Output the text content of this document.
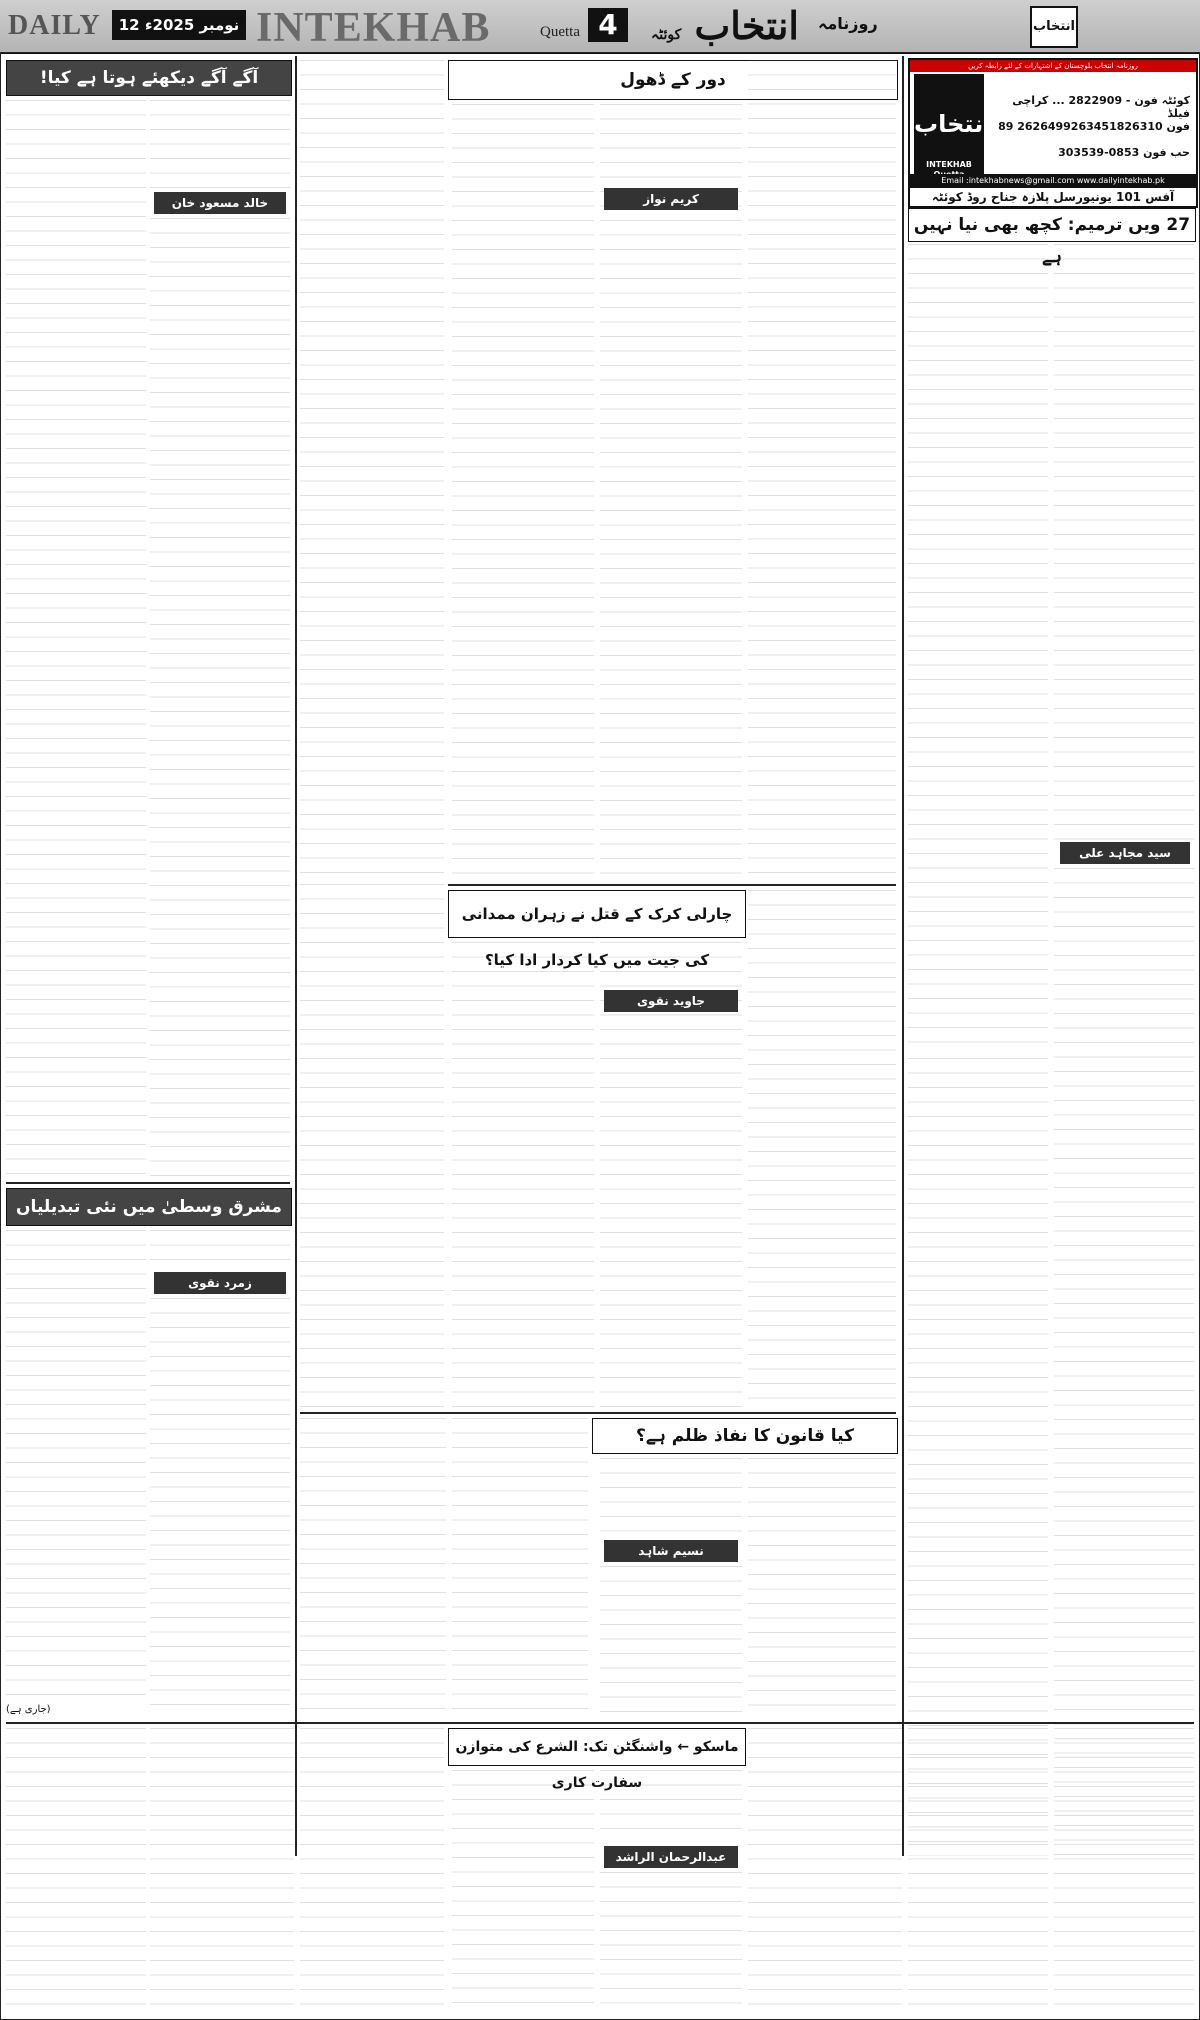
DAILY	12 نومبر 2025ء INTEKHAB	Quetta 4	انتخاب کوئٹہ
روزنامہ	انتخاب
روزنامہ انتخاب بلوچستان کے اشتہارات کے لئے رابطہ کریں
انتخاب
INTEKHAB
کوئٹہ فون - 2822909 ... کراچی فیلڈ
فون 2626499263451826310 89
حب فون 0853-303539
Email :intekhabnews@gmail.com www.dailyintekhab.pk
آفس 101 یونیورسل پلازہ جناح روڈ کوئٹہ
27 ویں ترمیم: کچھ بھی نیا نہیں ہے
سید مجاہد علی
دور کے ڈھول
کریم نواز
آگے آگے دیکھئے ہوتا ہے کیا!
خالد مسعود خان
چارلی کرک کے قتل نے زہران ممدانی کی جیت میں کیا کردار ادا کیا؟
جاوید نقوی
مشرق وسطیٰ میں نئی تبدیلیاں
زمرد نقوی
(جاری ہے)
کیا قانون کا نفاذ ظلم ہے؟
نسیم شاہد
ماسکو ← واشنگٹن تک: الشرع کی متوازن سفارت کاری
عبدالرحمان الراشد
